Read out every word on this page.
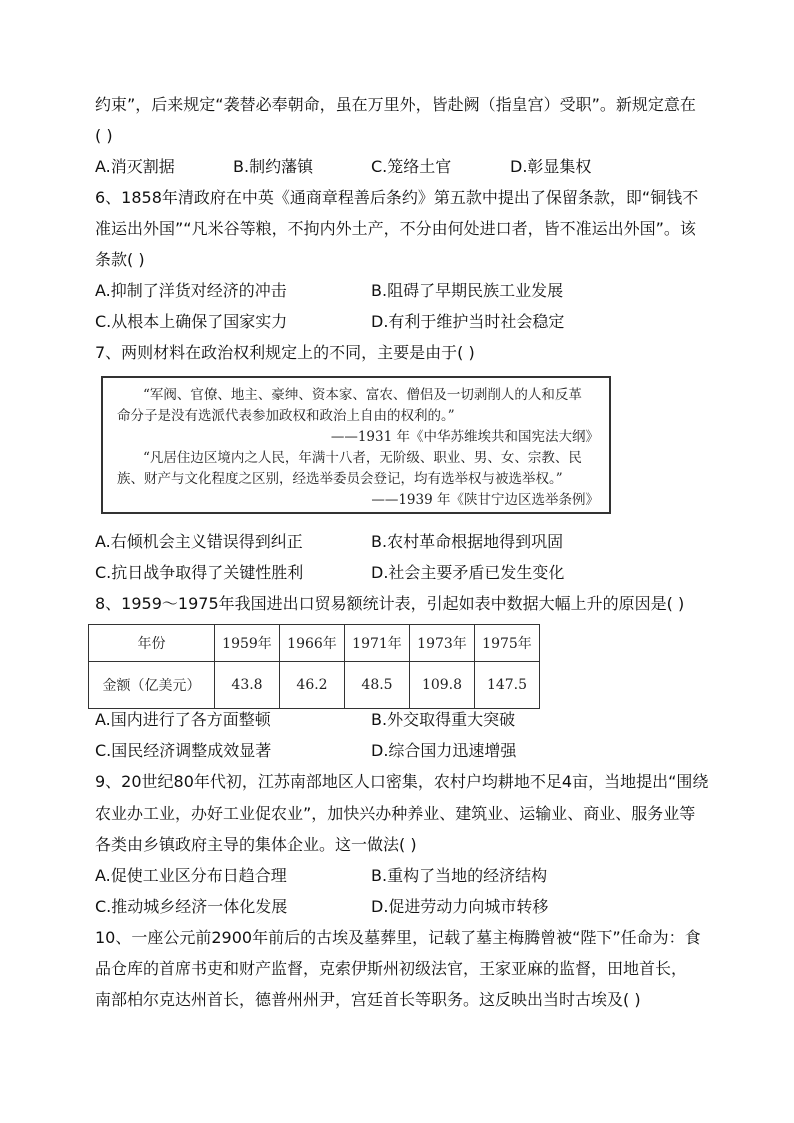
约束”，后来规定“袭替必奉朝命，虽在万里外，皆赴阙（指皇宫）受职”。新规定意在
( )
A.消灭割据	B.制约藩镇	C.笼络土官	D.彰显集权
6、1858年清政府在中英《通商章程善后条约》第五款中提出了保留条款，即“铜钱不
准运出外国”“凡米谷等粮，不拘内外土产，不分由何处进口者，皆不准运出外国”。该
条款( )
A.抑制了洋货对经济的冲击	B.阻碍了早期民族工业发展
C.从根本上确保了国家实力	D.有利于维护当时社会稳定
7、两则材料在政治权利规定上的不同，主要是由于( )
“军阀、官僚、地主、豪绅、资本家、富农、僧侣及一切剥削人的人和反革
命分子是没有选派代表参加政权和政治上自由的权利的。”
——1931 年《中华苏维埃共和国宪法大纲》
“凡居住边区境内之人民，年满十八者，无阶级、职业、男、女、宗教、民
族、财产与文化程度之区别，经选举委员会登记，均有选举权与被选举权。”
——1939 年《陕甘宁边区选举条例》
A.右倾机会主义错误得到纠正	B.农村革命根据地得到巩固
C.抗日战争取得了关键性胜利	D.社会主要矛盾已发生变化
8、1959～1975年我国进出口贸易额统计表，引起如表中数据大幅上升的原因是( )
年份	1959年	1966年	1971年	1973年	1975年
金额（亿美元）	43.8	46.2	48.5	109.8	147.5
A.国内进行了各方面整顿	B.外交取得重大突破
C.国民经济调整成效显著	D.综合国力迅速增强
9、20世纪80年代初，江苏南部地区人口密集，农村户均耕地不足4亩，当地提出“围绕
农业办工业，办好工业促农业”，加快兴办种养业、建筑业、运输业、商业、服务业等
各类由乡镇政府主导的集体企业。这一做法( )
A.促使工业区分布日趋合理	B.重构了当地的经济结构
C.推动城乡经济一体化发展	D.促进劳动力向城市转移
10、一座公元前2900年前后的古埃及墓葬里，记载了墓主梅腾曾被“陛下”任命为：食
品仓库的首席书吏和财产监督，克索伊斯州初级法官，王家亚麻的监督，田地首长，
南部柏尔克达州首长，德普州州尹，宫廷首长等职务。这反映出当时古埃及( )
